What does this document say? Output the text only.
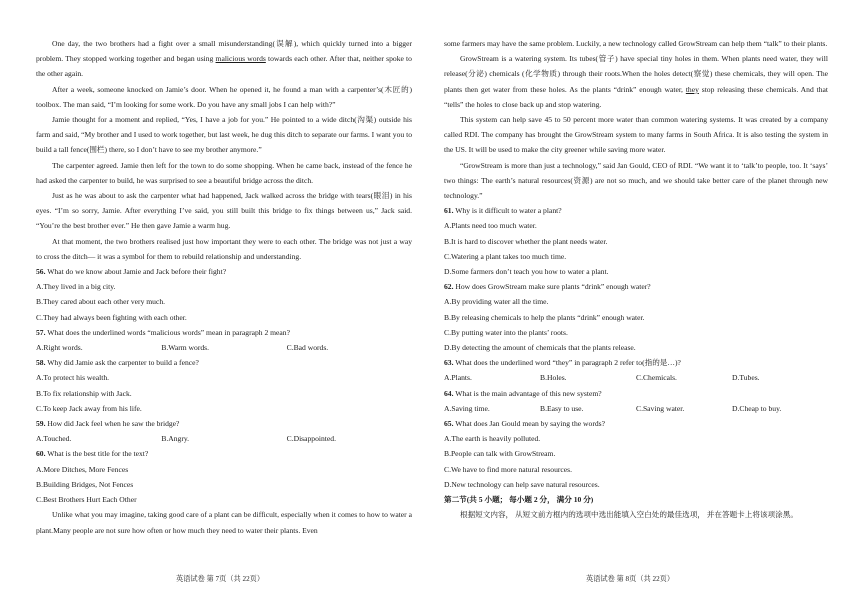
One day, the two brothers had a fight over a small misunderstanding(误解), which quickly turned into a bigger problem. They stopped working together and began using malicious words towards each other. After that, neither spoke to the other again.

After a week, someone knocked on Jamie’s door. When he opened it, he found a man with a carpenter’s(木匠的) toolbox. The man said, “I’m looking for some work. Do you have any small jobs I can help with?”

Jamie thought for a moment and replied, “Yes, I have a job for you.” He pointed to a wide ditch(沟渠) outside his farm and said, “My brother and I used to work together, but last week, he dug this ditch to separate our farms. I want you to build a tall fence(围栏) there, so I don’t have to see my brother anymore.”

The carpenter agreed. Jamie then left for the town to do some shopping. When he came back, instead of the fence he had asked the carpenter to build, he was surprised to see a beautiful bridge across the ditch.

Just as he was about to ask the carpenter what had happened, Jack walked across the bridge with tears(眼泪) in his eyes. “I’m so sorry, Jamie. After everything I’ve said, you still built this bridge to fix things between us,” Jack said. “You’re the best brother ever.” He then gave Jamie a warm hug.

At that moment, the two brothers realised just how important they were to each other. The bridge was not just a way to cross the ditch— it was a symbol for them to rebuild relationship and understanding.

56. What do we know about Jamie and Jack before their fight?

A.They lived in a big city.

B.They cared about each other very much.

C.They had always been fighting with each other.

57. What does the underlined words “malicious words” mean in paragraph 2 mean?

A.Right words.	B.Warm words.	C.Bad words.

58. Why did Jamie ask the carpenter to build a fence?

A.To protect his wealth.

B.To fix relationship with Jack.

C.To keep Jack away from his life.

59. How did Jack feel when he saw the bridge?

A.Touched.	B.Angry.	C.Disappointed.

60. What is the best title for the text?

A.More Ditches, More Fences

B.Building Bridges, Not Fences

C.Best Brothers Hurt Each Other

Unlike what you may imagine, taking good care of a plant can be difficult, especially when it comes to how to water a plant.Many people are not sure how often or how much they need to water their plants. Even

some farmers may have the same problem. Luckily, a new technology called GrowStream can help them “talk” to their plants.

GrowStream is a watering system. Its tubes(管子) have special tiny holes in them. When plants need water, they will release(分泌) chemicals (化学物质) through their roots.When the holes detect(察觉) these chemicals, they will open. The plants then get water from these holes. As the plants “drink” enough water, they stop releasing these chemicals. And that “tells” the holes to close back up and stop watering.

This system can help save 45 to 50 percent more water than common watering systems. It was created by a company called RDI. The company has brought the GrowStream system to many farms in South Africa. It is also testing the system in the US. It will be used to make the city greener while saving more water.

“GrowStream is more than just a technology,” said Jan Gould, CEO of RDI. “We want it to ‘talk’to people, too. It ‘says’ two things: The earth’s natural resources(资源) are not so much, and we should take better care of the planet through new technology.”

61. Why is it difficult to water a plant?

A.Plants need too much water.

B.It is hard to discover whether the plant needs water.

C.Watering a plant takes too much time.

D.Some farmers don’t teach you how to water a plant.

62. How does GrowStream make sure plants “drink” enough water?

A.By providing water all the time.

B.By releasing chemicals to help the plants “drink” enough water.

C.By putting water into the plants’ roots.

D.By detecting the amount of chemicals that the plants release.

63. What does the underlined word “they” in paragraph 2 refer to(指的是…)?

A.Plants.	B.Holes.	C.Chemicals.	D.Tubes.

64. What is the main advantage of this new system?

A.Saving time.	B.Easy to use.	C.Saving water.	D.Cheap to buy.

65. What does Jan Gould mean by saying the words?

A.The earth is heavily polluted.

B.People can talk with GrowStream.

C.We have to find more natural resources.

D.New technology can help save natural resources.

第二节(共 5 小题； 每小题 2 分， 满分 10 分)

根据短文内容， 从短文前方框内的选项中选出能填入空白处的最佳选项， 并在答题卡上将该项涂黑。

英语试卷 第 7页（共 22页）	英语试卷 第 8页（共 22页）
